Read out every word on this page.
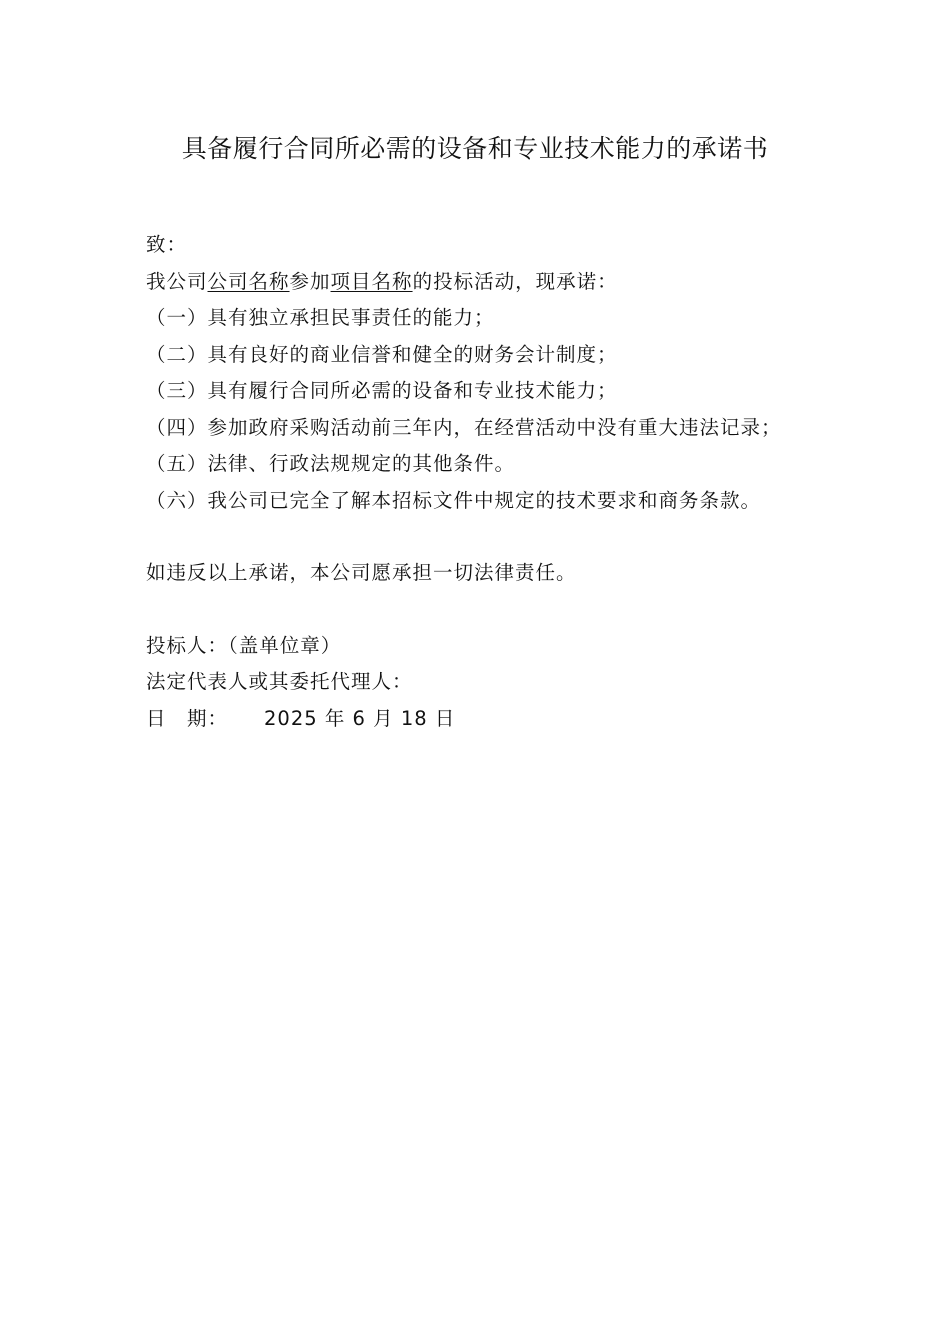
具备履行合同所必需的设备和专业技术能力的承诺书
致：
我公司公司名称参加项目名称的投标活动，现承诺：
（一）具有独立承担民事责任的能力；
（二）具有良好的商业信誉和健全的财务会计制度；
（三）具有履行合同所必需的设备和专业技术能力；
（四）参加政府采购活动前三年内，在经营活动中没有重大违法记录；
（五）法律、行政法规规定的其他条件。
（六）我公司已完全了解本招标文件中规定的技术要求和商务条款。
如违反以上承诺，本公司愿承担一切法律责任。
投标人：（盖单位章）
法定代表人或其委托代理人：
日　期： 2025 年 6 月 18 日
